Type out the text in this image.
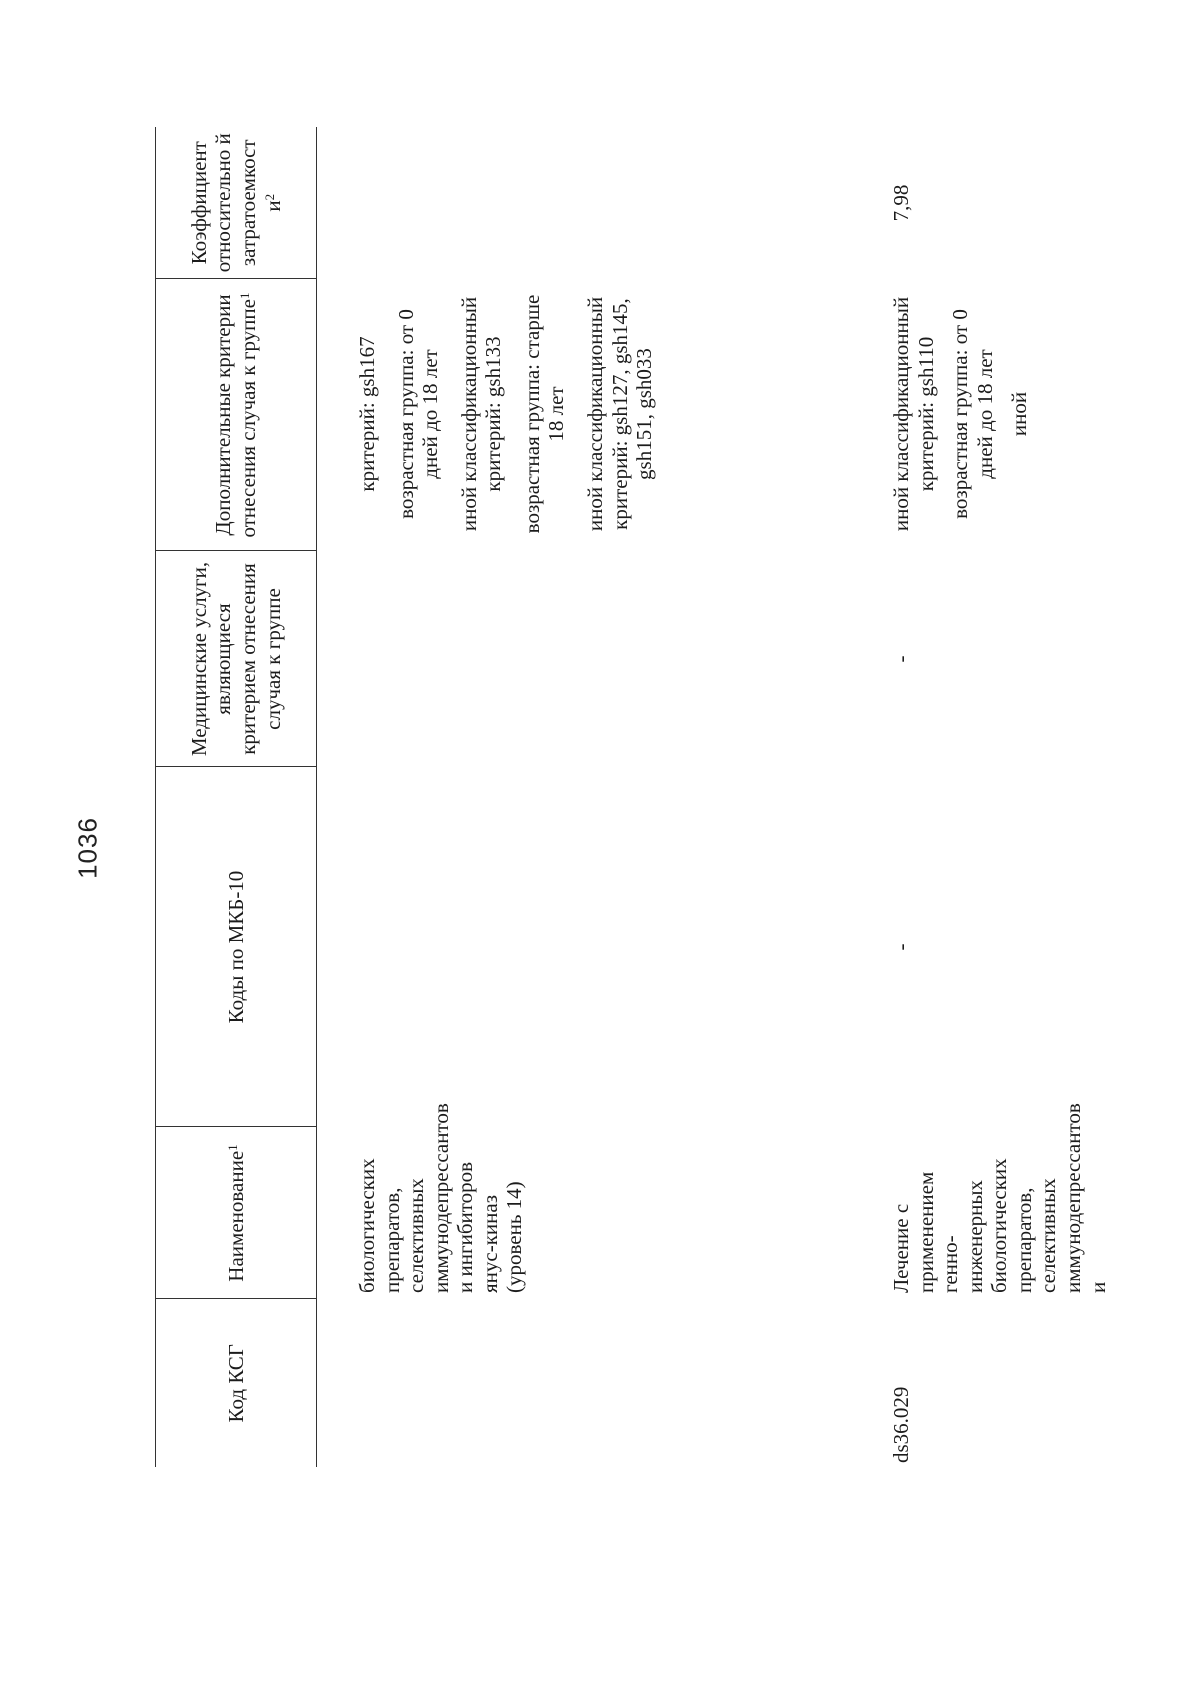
1036
Код КСГ	Наименование$^1$	Коды по МКБ-10	Медицинские услуги, являющиеся критерием отнесения случая к группе	Дополнительные критерии отнесения случая к группе$^1$	Коэффициент относительно й затратоемкост $и^2$
	биологических препаратов, селективных иммунодепрессантов и ингибиторов янус-киназ (уровень 14)			критерий: gsh167 возрастная группа: от 0 дней до 18 лет иной классификационный критерий: gsh133 возрастная группа: старше 18 лет иной классификационный критерий: gsh127, gsh145, gsh151, gsh033	

ds36.029	Лечение с применением генно-инженерных биологических препаратов, селективных иммунодепрессантов и	-	-	иной классификационный критерий: gsh110 возрастная группа: от 0 дней до 18 лет иной	7,98
